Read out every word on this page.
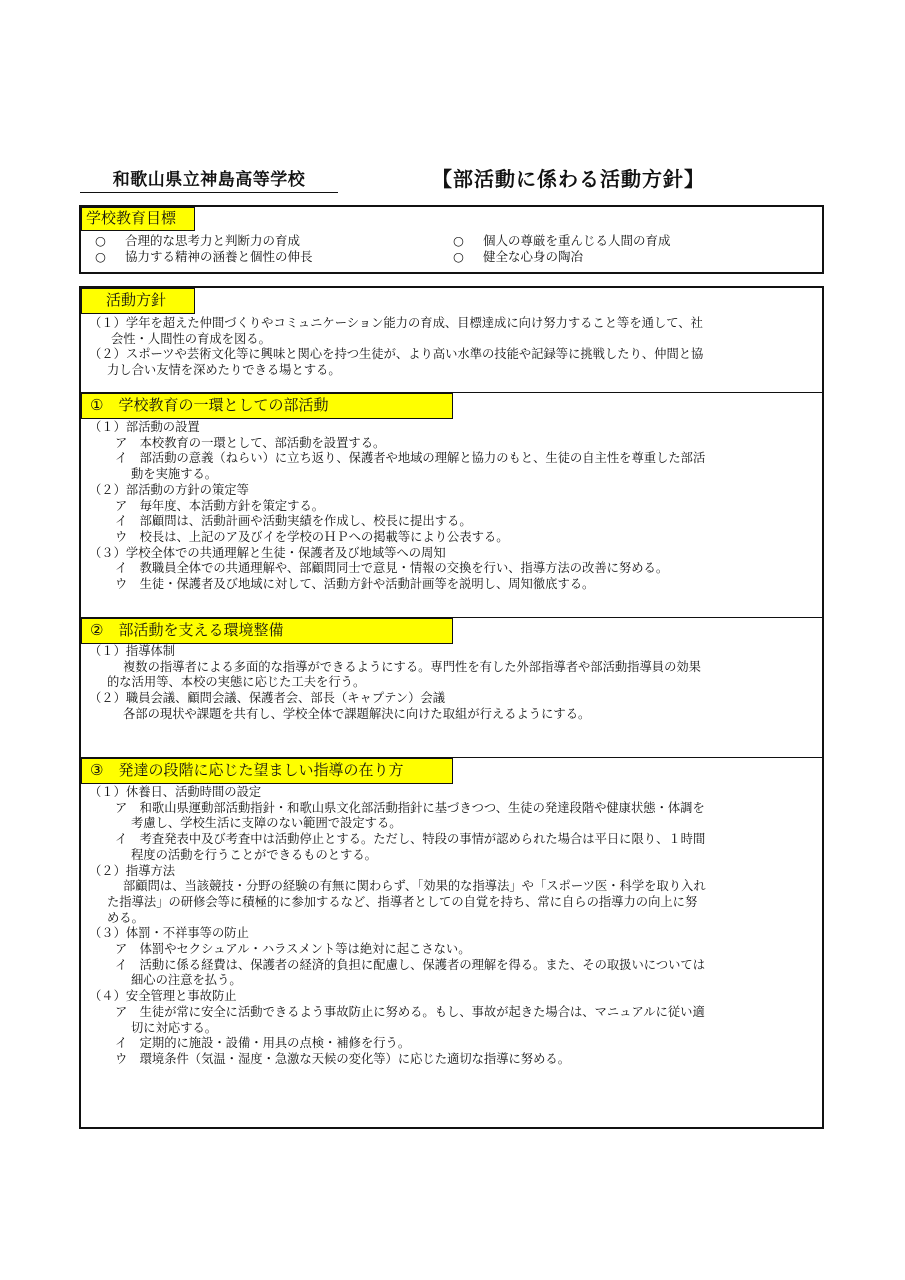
和歌山県立神島高等学校	【部活動に係わる活動方針】
学校教育目標
○ 合理的な思考力と判断力の育成	○ 個人の尊厳を重んじる人間の育成
○ 協力する精神の涵養と個性の伸長	○ 健全な心身の陶冶
活動方針
（１）学年を超えた仲間づくりやコミュニケーション能力の育成、目標達成に向け努力すること等を通して、社
会性・人間性の育成を図る。
（２）スポーツや芸術文化等に興味と関心を持つ生徒が、より高い水準の技能や記録等に挑戦したり、仲間と協
力し合い友情を深めたりできる場とする。
①　学校教育の一環としての部活動
（１）部活動の設置
ア　本校教育の一環として、部活動を設置する。
イ　部活動の意義（ねらい）に立ち返り、保護者や地域の理解と協力のもと、生徒の自主性を尊重した部活
動を実施する。
（２）部活動の方針の策定等
ア　毎年度、本活動方針を策定する。
イ　部顧問は、活動計画や活動実績を作成し、校長に提出する。
ウ　校長は、上記のア及びイを学校のＨＰへの掲載等により公表する。
（３）学校全体での共通理解と生徒・保護者及び地域等への周知
イ　教職員全体での共通理解や、部顧問同士で意見・情報の交換を行い、指導方法の改善に努める。
ウ　生徒・保護者及び地域に対して、活動方針や活動計画等を説明し、周知徹底する。
②　部活動を支える環境整備
（１）指導体制
複数の指導者による多面的な指導ができるようにする。専門性を有した外部指導者や部活動指導員の効果
的な活用等、本校の実態に応じた工夫を行う。
（２）職員会議、顧問会議、保護者会、部長（キャプテン）会議
各部の現状や課題を共有し、学校全体で課題解決に向けた取組が行えるようにする。
③　発達の段階に応じた望ましい指導の在り方
（１）休養日、活動時間の設定
ア　和歌山県運動部活動指針・和歌山県文化部活動指針に基づきつつ、生徒の発達段階や健康状態・体調を
考慮し、学校生活に支障のない範囲で設定する。
イ　考査発表中及び考査中は活動停止とする。ただし、特段の事情が認められた場合は平日に限り、１時間
程度の活動を行うことができるものとする。
（２）指導方法
部顧問は、当該競技・分野の経験の有無に関わらず、「効果的な指導法」や「スポーツ医・科学を取り入れ
た指導法」の研修会等に積極的に参加するなど、指導者としての自覚を持ち、常に自らの指導力の向上に努
める。
（３）体罰・不祥事等の防止
ア　体罰やセクシュアル・ハラスメント等は絶対に起こさない。
イ　活動に係る経費は、保護者の経済的負担に配慮し、保護者の理解を得る。また、その取扱いについては
細心の注意を払う。
（４）安全管理と事故防止
ア　生徒が常に安全に活動できるよう事故防止に努める。もし、事故が起きた場合は、マニュアルに従い適
切に対応する。
イ　定期的に施設・設備・用具の点検・補修を行う。
ウ　環境条件（気温・湿度・急激な天候の変化等）に応じた適切な指導に努める。
